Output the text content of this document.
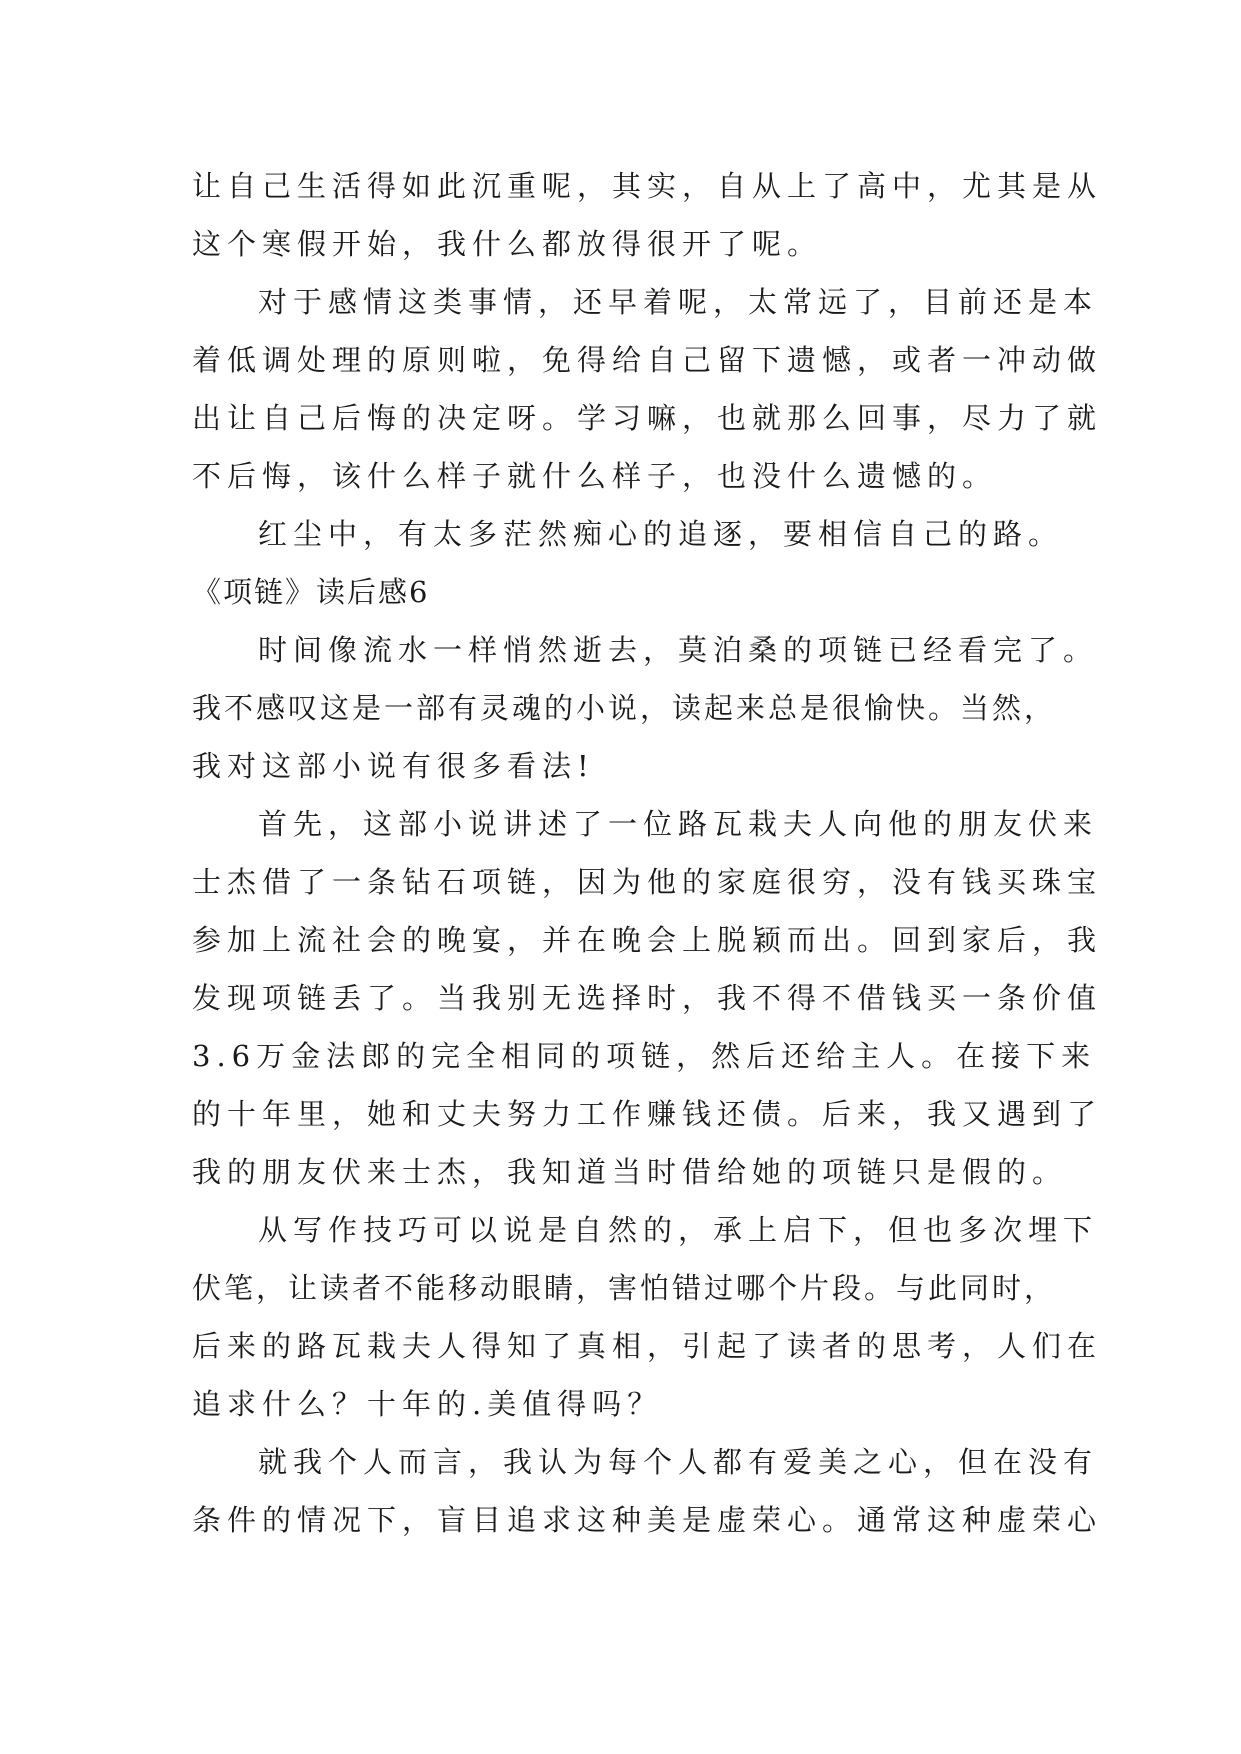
让自己生活得如此沉重呢，其实，自从上了高中，尤其是从
这个寒假开始，我什么都放得很开了呢。
对于感情这类事情，还早着呢，太常远了，目前还是本
着低调处理的原则啦，免得给自己留下遗憾，或者一冲动做
出让自己后悔的决定呀。学习嘛，也就那么回事，尽力了就
不后悔，该什么样子就什么样子，也没什么遗憾的。
红尘中，有太多茫然痴心的追逐，要相信自己的路。
《项链》读后感6
时间像流水一样悄然逝去，莫泊桑的项链已经看完了。
我不感叹这是一部有灵魂的小说，读起来总是很愉快。当然，
我对这部小说有很多看法!
首先，这部小说讲述了一位路瓦栽夫人向他的朋友伏来
士杰借了一条钻石项链，因为他的家庭很穷，没有钱买珠宝
参加上流社会的晚宴，并在晚会上脱颖而出。回到家后，我
发现项链丢了。当我别无选择时，我不得不借钱买一条价值
3.6万金法郎的完全相同的项链，然后还给主人。在接下来
的十年里，她和丈夫努力工作赚钱还债。后来，我又遇到了
我的朋友伏来士杰，我知道当时借给她的项链只是假的。
从写作技巧可以说是自然的，承上启下，但也多次埋下
伏笔，让读者不能移动眼睛，害怕错过哪个片段。与此同时，
后来的路瓦栽夫人得知了真相，引起了读者的思考，人们在
追求什么？十年的.美值得吗？
就我个人而言，我认为每个人都有爱美之心，但在没有
条件的情况下，盲目追求这种美是虚荣心。通常这种虚荣心
